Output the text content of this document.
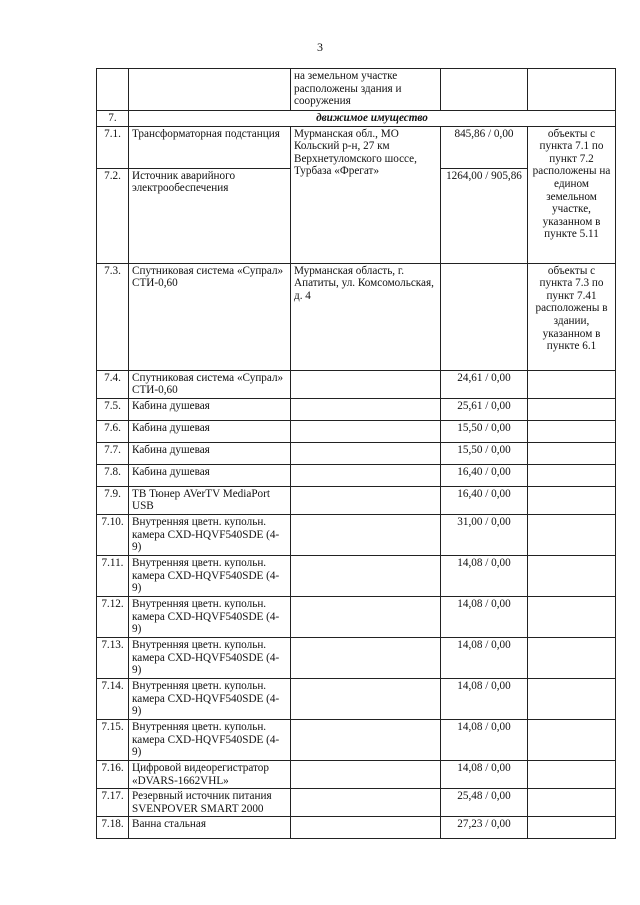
3
		на земельном участке расположены здания и сооружения		
7.	движимое имущество			
7.1.	Трансформаторная подстанция	Мурманская обл., МО Кольский р-н, 27 км Верхнетуломского шоссе, Турбаза «Фрегат»	845,86 / 0,00	объекты с пункта 7.1 по пункт 7.2 расположены на едином земельном участке, указанном в пункте 5.11
7.2.	Источник аварийного электрообеспечения		1264,00 / 905,86	
7.3.	Спутниковая система «Супрал» СТИ-0,60	Мурманская область, г. Апатиты, ул. Комсомольская, д. 4		объекты с пункта 7.3 по пункт 7.41 расположены в здании, указанном в пункте 6.1
7.4.	Спутниковая система «Супрал» СТИ-0,60		24,61 / 0,00	
7.5.	Кабина душевая		25,61 / 0,00	
7.6.	Кабина душевая		15,50 / 0,00	
7.7.	Кабина душевая		15,50 / 0,00	
7.8.	Кабина душевая		16,40 / 0,00	
7.9.	ТВ Тюнер AVerTV MediaPort USB		16,40 / 0,00	
7.10.	Внутренняя цветн. купольн. камера CXD-HQVF540SDE (4-9)		31,00 / 0,00	
7.11.	Внутренняя цветн. купольн. камера CXD-HQVF540SDE (4-9)		14,08 / 0,00	
7.12.	Внутренняя цветн. купольн. камера CXD-HQVF540SDE (4-9)		14,08 / 0,00	
7.13.	Внутренняя цветн. купольн. камера CXD-HQVF540SDE (4-9)		14,08 / 0,00	
7.14.	Внутренняя цветн. купольн. камера CXD-HQVF540SDE (4-9)		14,08 / 0,00	
7.15.	Внутренняя цветн. купольн. камера CXD-HQVF540SDE (4-9)		14,08 / 0,00	
7.16.	Цифровой видеорегистратор «DVARS-1662VHL»		14,08 / 0,00	
7.17.	Резервный источник питания SVENPOVER SMART 2000		25,48 / 0,00	
7.18.	Ванна стальная		27,23 / 0,00	
